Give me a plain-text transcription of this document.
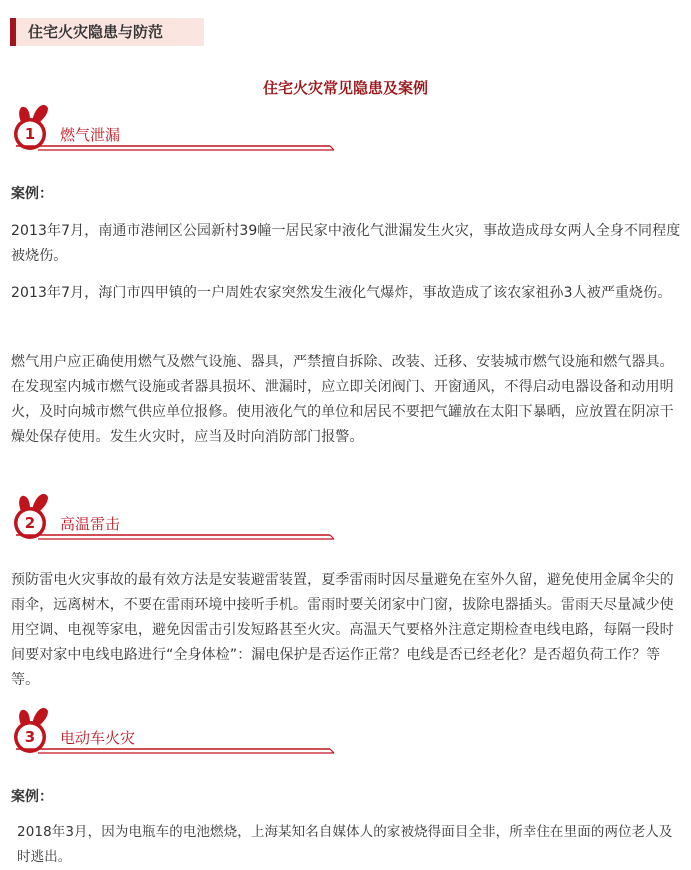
住宅火灾隐患与防范
住宅火灾常见隐患及案例
1 燃气泄漏
案例：
2013年7月，南通市港闸区公园新村39幢一居民家中液化气泄漏发生火灾，事故造成母女两人全身不同程度被烧伤。
2013年7月，海门市四甲镇的一户周姓农家突然发生液化气爆炸，事故造成了该农家祖孙3人被严重烧伤。
燃气用户应正确使用燃气及燃气设施、器具，严禁擅自拆除、改装、迁移、安装城市燃气设施和燃气器具。在发现室内城市燃气设施或者器具损坏、泄漏时，应立即关闭阀门、开窗通风，不得启动电器设备和动用明火，及时向城市燃气供应单位报修。使用液化气的单位和居民不要把气罐放在太阳下暴晒，应放置在阴凉干燥处保存使用。发生火灾时，应当及时向消防部门报警。
2 高温雷击
预防雷电火灾事故的最有效方法是安装避雷装置，夏季雷雨时因尽量避免在室外久留，避免使用金属伞尖的雨伞，远离树木，不要在雷雨环境中接听手机。雷雨时要关闭家中门窗，拔除电器插头。雷雨天尽量减少使用空调、电视等家电，避免因雷击引发短路甚至火灾。高温天气要格外注意定期检查电线电路，每隔一段时间要对家中电线电路进行“全身体检”：漏电保护是否运作正常？电线是否已经老化？是否超负荷工作？等等。
3 电动车火灾
案例：
2018年3月，因为电瓶车的电池燃烧，上海某知名自媒体人的家被烧得面目全非，所幸住在里面的两位老人及时逃出。
